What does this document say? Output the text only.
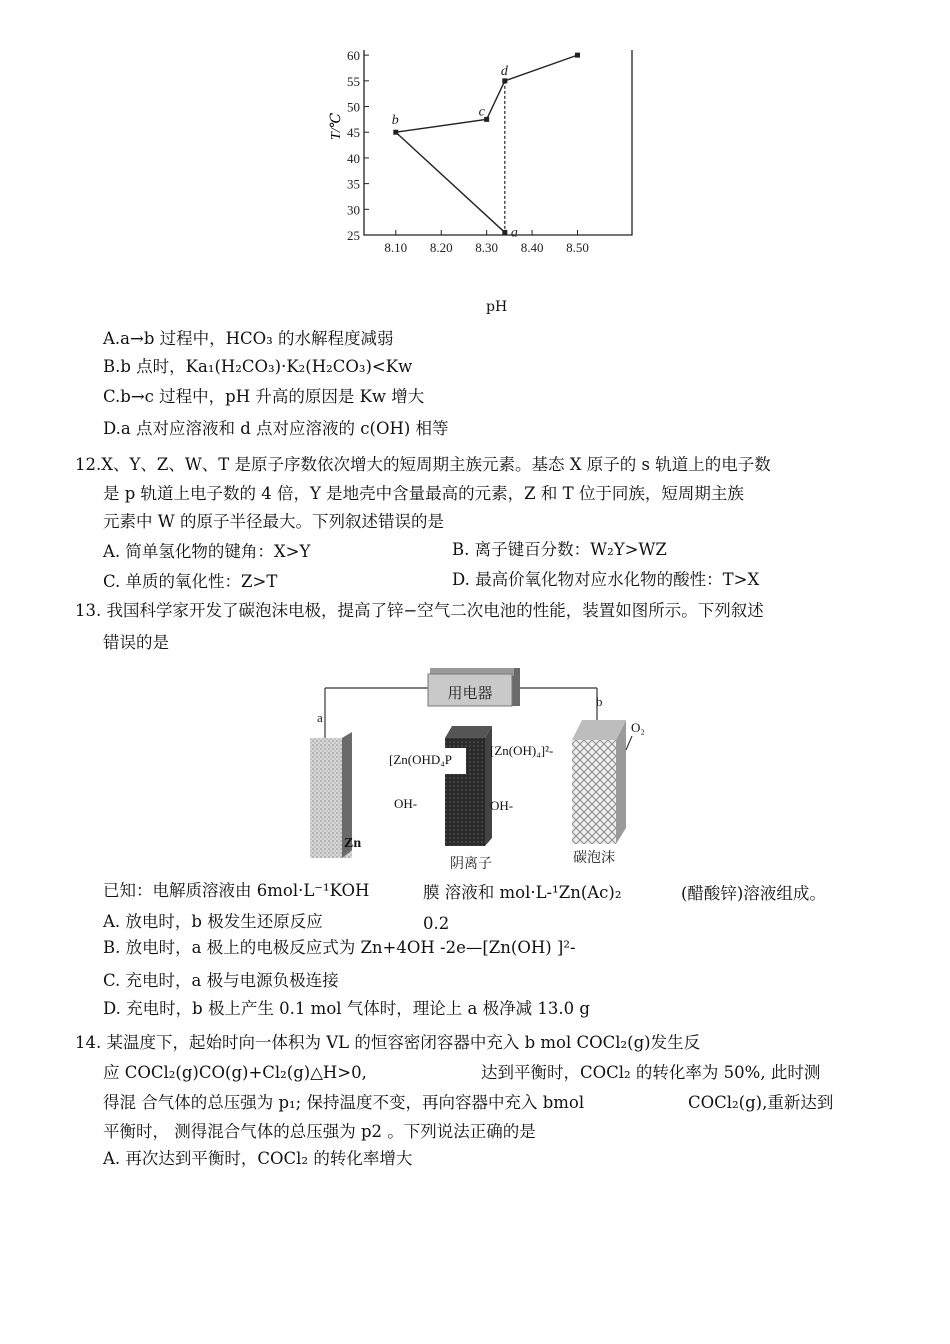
25
30
35
40
45
50
55
60
8.10 8.20 8.30 8.40 8.50
b
c
d
a
T/℃
pH
A.a→b 过程中，HCO₃ 的水解程度减弱
B.b 点时，Ka₁(H₂CO₃)·K₂(H₂CO₃)<Kw
C.b→c 过程中，pH 升高的原因是 Kw 增大
D.a 点对应溶液和 d 点对应溶液的 c(OH) 相等
12.X、Y、Z、W、T 是原子序数依次增大的短周期主族元素。基态 X 原子的 s 轨道上的电子数
是 p 轨道上电子数的 4 倍，Y 是地壳中含量最高的元素，Z 和 T 位于同族，短周期主族
元素中 W 的原子半径最大。下列叙述错误的是
A. 简单氢化物的键角：X>Y	B. 离子键百分数：W₂Y>WZ
C. 单质的氧化性：Z>T	D. 最高价氧化物对应水化物的酸性：T>X
13. 我国科学家开发了碳泡沫电极，提高了锌−空气二次电池的性能，装置如图所示。下列叙述
错误的是
用电器
a
Zn
[Zn(OHD₄P
[Zn(OH)₄]²-
OH-	OH-
阴离子
b
O₂
碳泡沫
已知：电解质溶液由 6mol·L⁻¹KOH	膜 溶液和 mol·L-¹Zn(Ac)₂	(醋酸锌)溶液组成。
A. 放电时，b 极发生还原反应	0.2
B. 放电时，a 极上的电极反应式为 Zn+4OH -2e—[Zn(OH) ]²-
C. 充电时，a 极与电源负极连接
D. 充电时，b 极上产生 0.1 mol 气体时，理论上 a 极净减 13.0 g
14. 某温度下，起始时向一体积为 VL 的恒容密闭容器中充入 b mol COCl₂(g)发生反
应 COCl₂(g)CO(g)+Cl₂(g)△H>0,	达到平衡时，COCl₂ 的转化率为 50%, 此时测
得混 合气体的总压强为 p₁; 保持温度不变，再向容器中充入 bmol	COCl₂(g),重新达到
平衡时， 测得混合气体的总压强为 p2 。下列说法正确的是
A. 再次达到平衡时，COCl₂ 的转化率增大
